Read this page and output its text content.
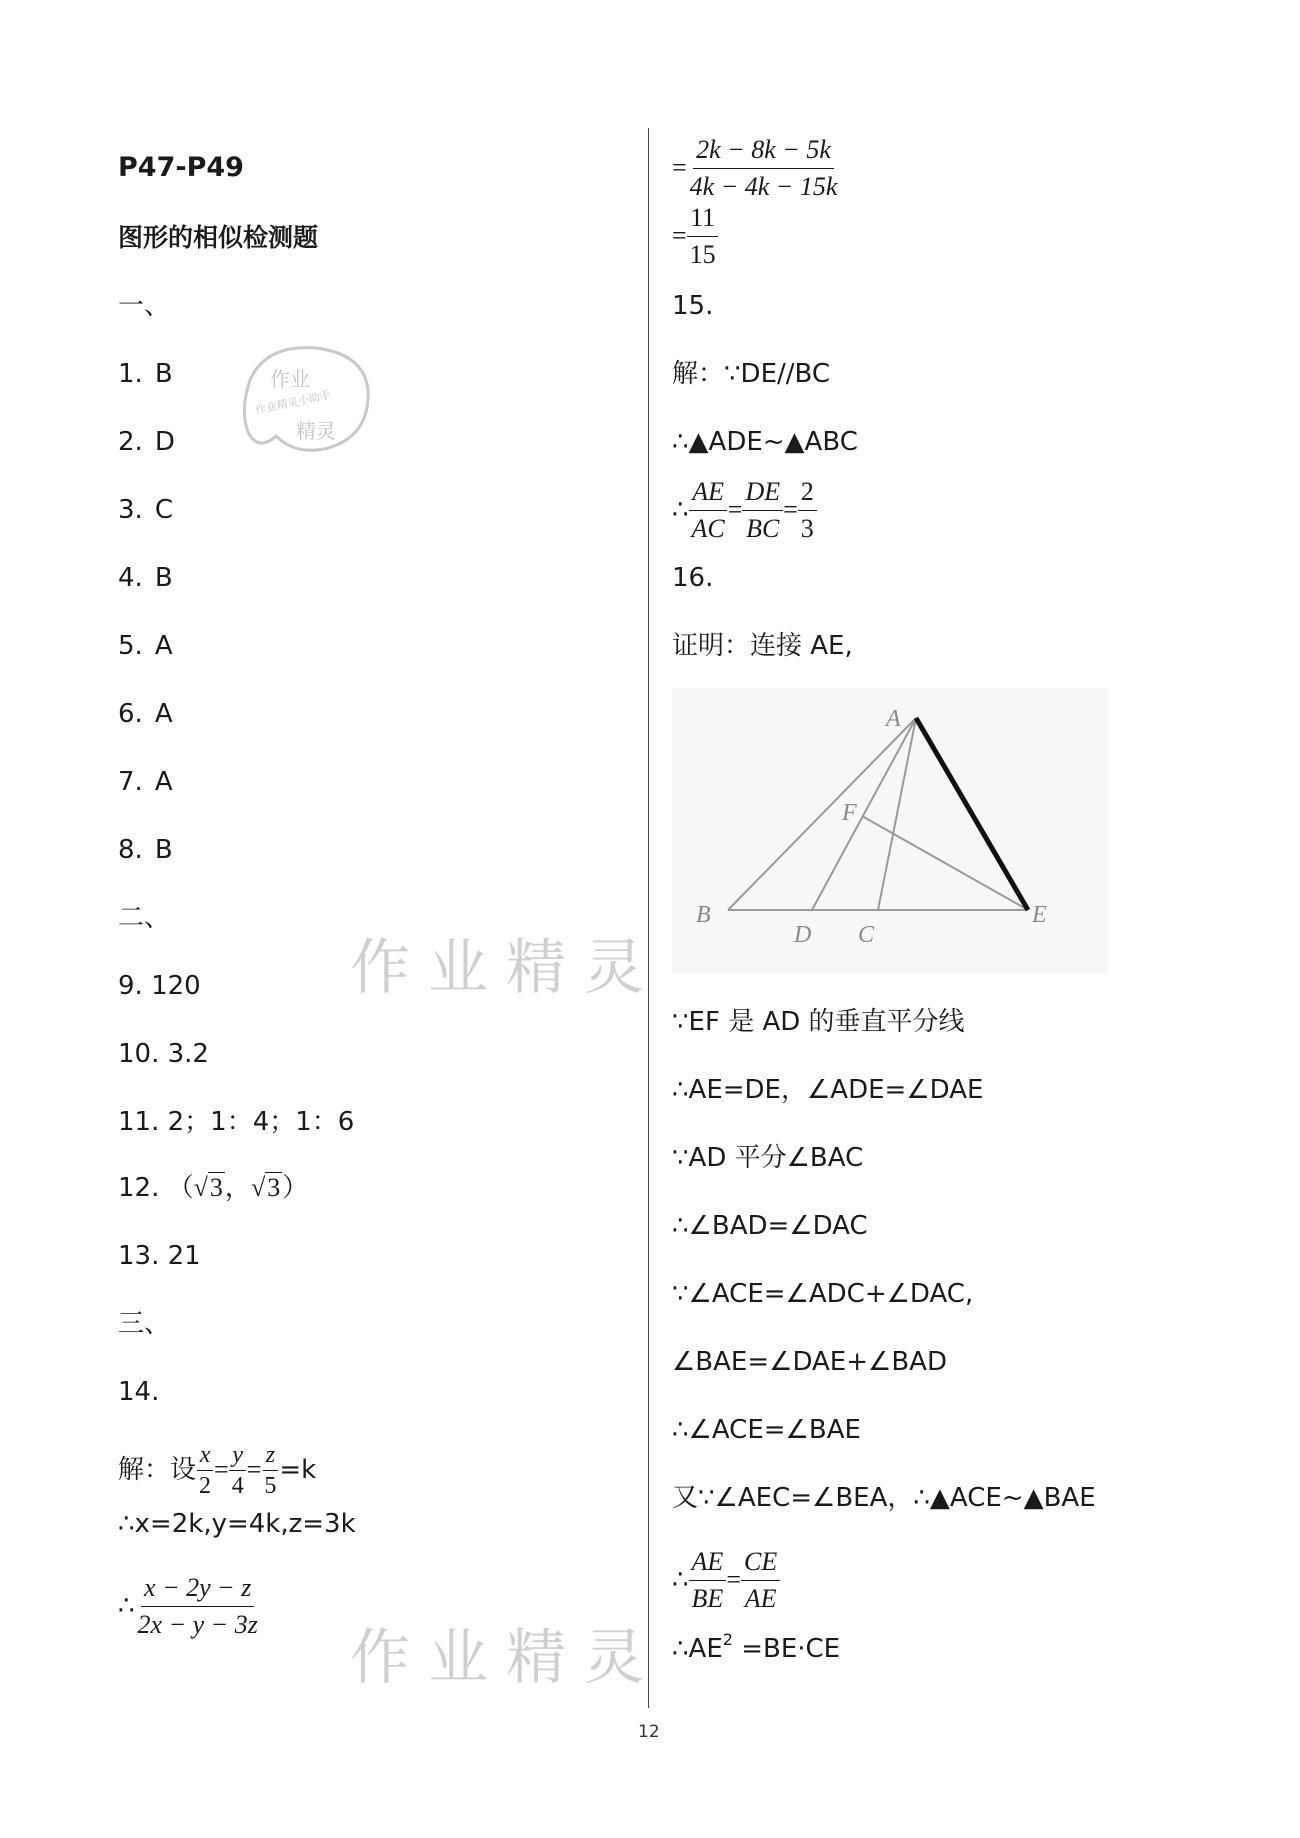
作业精灵
作业精灵
作业
作业精灵小助手
精灵
P47-P49
图形的相似检测题
一、
1. B
2. D
3. C
4. B
5. A
6. A
7. A
8. B
二、
9. 120
10. 3.2
11. 2；1：4；1：6
12. （√3，√3）
13. 21
三、
14.
解：设 $\frac{x}{2} = \frac{y}{4} = \frac{z}{5} =k$
∴x=2k,y=4k,z=3k
∴ $\frac{x - 2y - z}{2x - y - 3z}$
= $\frac{2k - 8k - 5k}{4k - 4k - 15k}$
= $\frac{11}{15}$
15.
解：∵DE//BC
∴▲ADE~▲ABC
∴ $\frac{AE}{AC} = \frac{DE}{BC} = \frac{2}{3}$
16.
证明：连接 AE,
A
F
B
D C
E
∵EF 是 AD 的垂直平分线
∴AE=DE，∠ADE=∠DAE
∵AD 平分∠BAC
∴∠BAD=∠DAC
∵∠ACE=∠ADC+∠DAC,
∠BAE=∠DAE+∠BAD
∴∠ACE=∠BAE
又∵∠AEC=∠BEA，∴▲ACE~▲BAE
∴ $\frac{AE}{BE} = \frac{CE}{AE}$
$\therefore AE^2 =BE\cdot CE$
12
